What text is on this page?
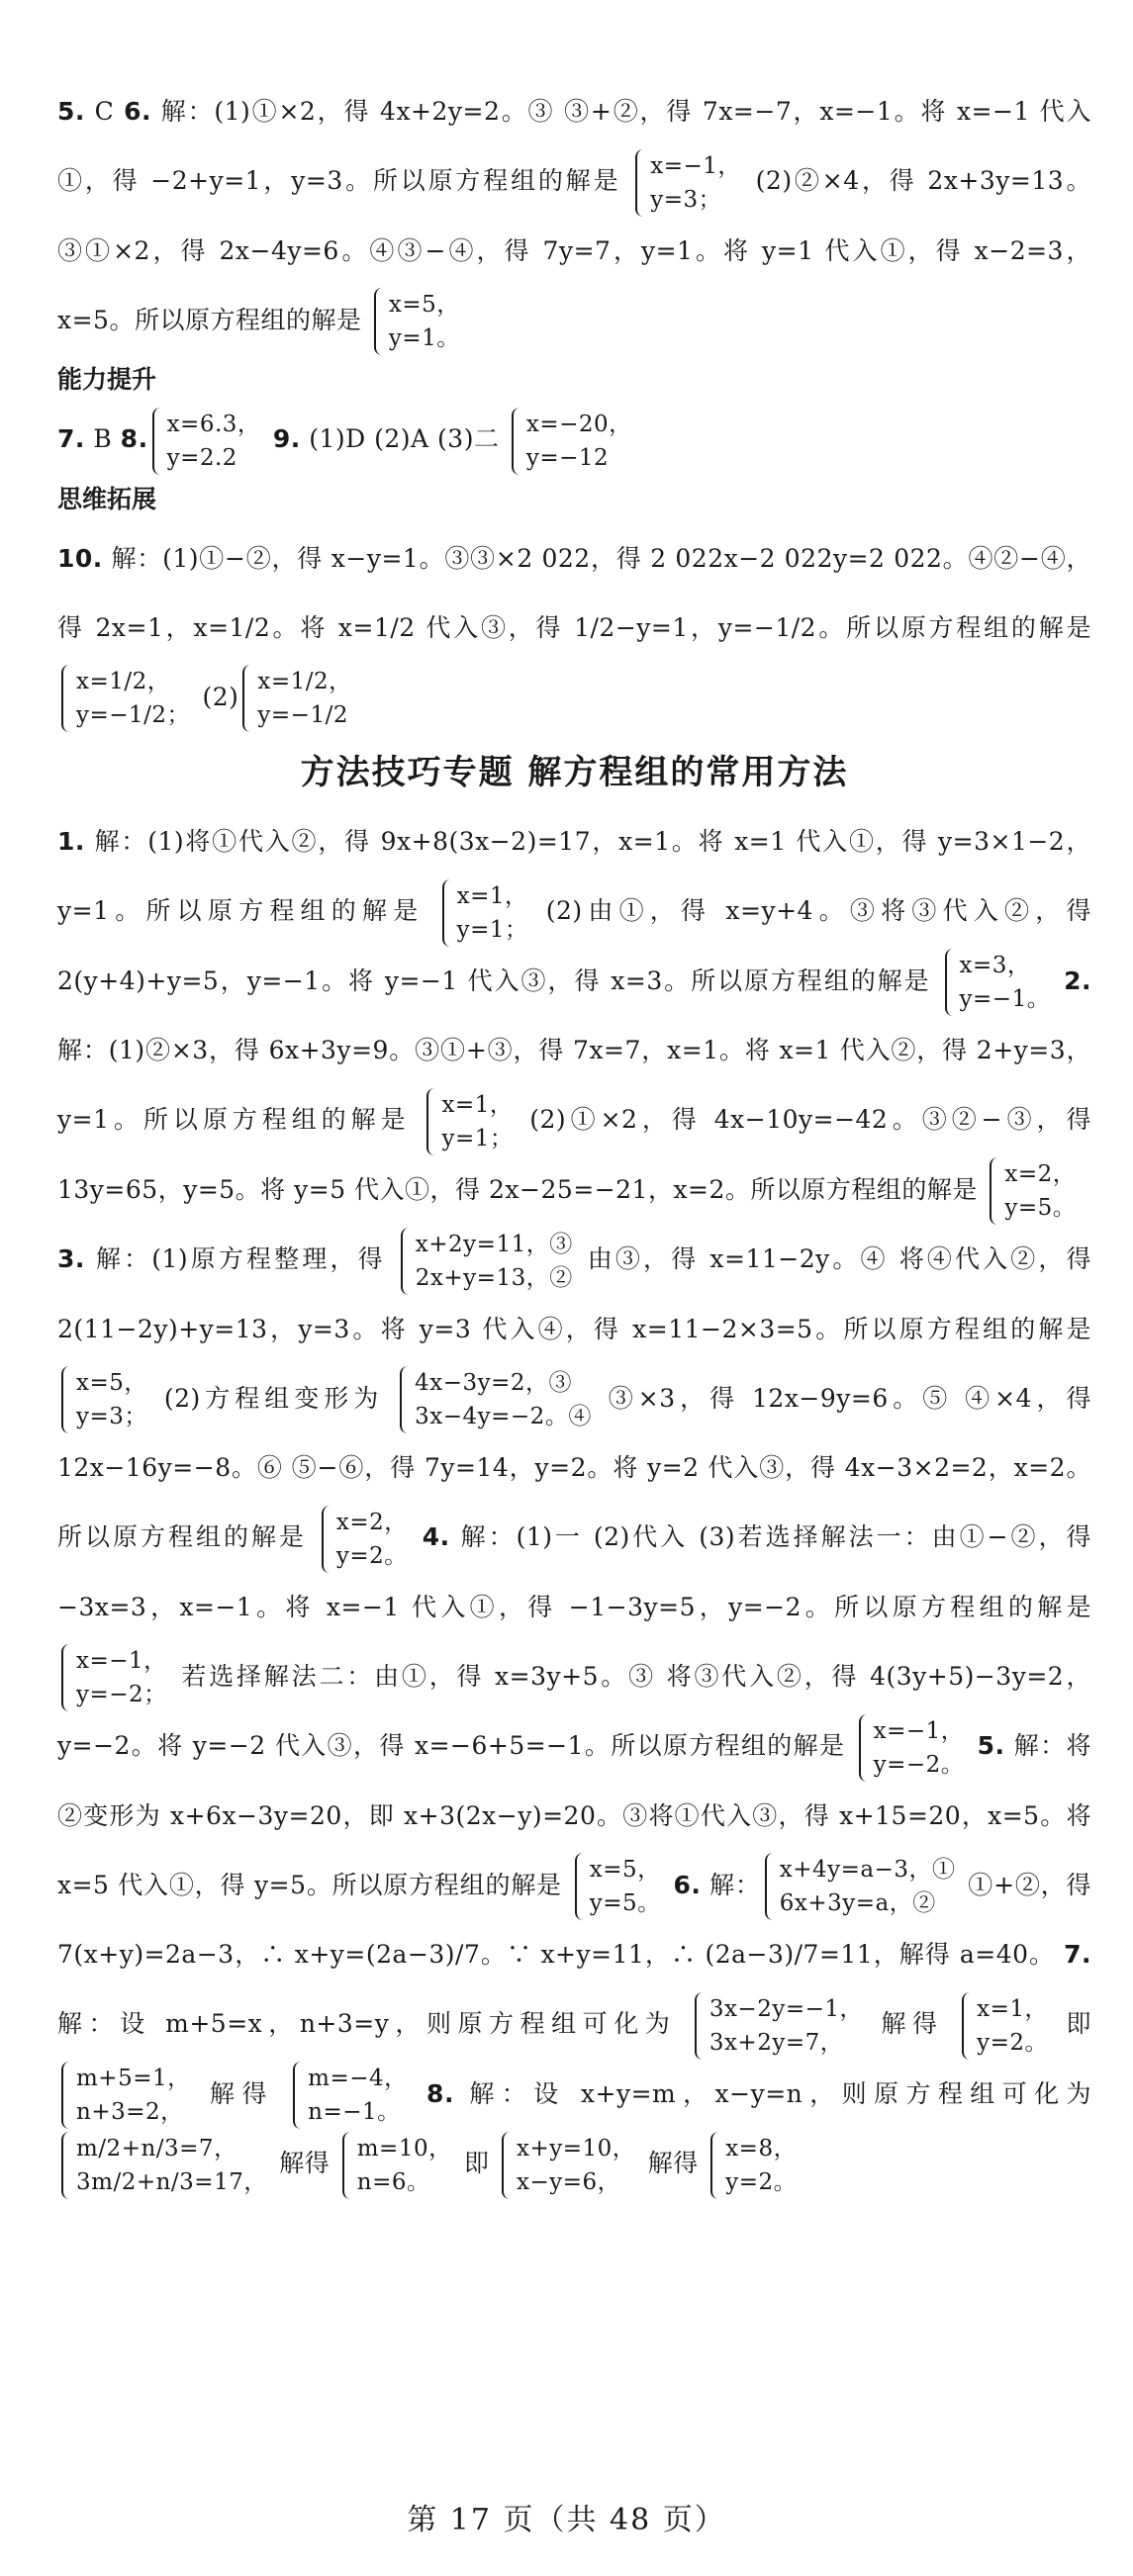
5. C 6. 解：(1)①×2，得 4x+2y=2。③ ③+②，得 7x=−7，x=−1。将 x=−1 代入①，得 −2+y=1，y=3。所以原方程组的解是
x=−1，
y=3；
(2)②×4，得 2x+3y=13。③①×2，得 2x−4y=6。④③−④，得 7y=7，y=1。将 y=1 代入①，得 x−2=3，x=5。所以原方程组的解是
x=5，
y=1。

能力提升

7. B 8.
x=6.3，
y=2.2
9. (1)D (2)A (3)二
x=−20，
y=−12

思维拓展

10. 解：(1)①−②，得 x−y=1。③③×2 022，得 2 022x−2 022y=2 022。④②−④，得 2x=1，x=1/2。将 x=1/2 代入③，得 1/2−y=1，y=−1/2。所以原方程组的解是
x=1/2，
y=−1/2；
(2)
x=1/2，
y=−1/2

方法技巧专题 解方程组的常用方法

1. 解：(1)将①代入②，得 9x+8(3x−2)=17，x=1。将 x=1 代入①，得 y=3×1−2，y=1。所以原方程组的解是
x=1，
y=1；
(2)由①，得 x=y+4。③将③代入②，得 2(y+4)+y=5，y=−1。将 y=−1 代入③，得 x=3。所以原方程组的解是
x=3，
y=−1。
2. 解：(1)②×3，得 6x+3y=9。③①+③，得 7x=7，x=1。将 x=1 代入②，得 2+y=3，y=1。所以原方程组的解是
x=1，
y=1；
(2)①×2，得 4x−10y=−42。③②−③，得 13y=65，y=5。将 y=5 代入①，得 2x−25=−21，x=2。所以原方程组的解是
x=2，
y=5。

3. 解：(1)原方程整理，得
x+2y=11，③
2x+y=13，②
由③，得 x=11−2y。④ 将④代入②，得 2(11−2y)+y=13，y=3。将 y=3 代入④，得 x=11−2×3=5。所以原方程组的解是
x=5，
y=3；
(2)方程组变形为
4x−3y=2，③
3x−4y=−2。④
③×3，得 12x−9y=6。⑤ ④×4，得 12x−16y=−8。⑥ ⑤−⑥，得 7y=14，y=2。将 y=2 代入③，得 4x−3×2=2，x=2。所以原方程组的解是
x=2，
y=2。
4. 解：(1)一 (2)代入 (3)若选择解法一：由①−②，得 −3x=3，x=−1。将 x=−1 代入①，得 −1−3y=5，y=−2。所以原方程组的解是
x=−1，
y=−2；
若选择解法二：由①，得 x=3y+5。③ 将③代入②，得 4(3y+5)−3y=2，y=−2。将 y=−2 代入③，得 x=−6+5=−1。所以原方程组的解是
x=−1，
y=−2。
5. 解：将②变形为 x+6x−3y=20，即 x+3(2x−y)=20。③将①代入③，得 x+15=20，x=5。将 x=5 代入①，得 y=5。所以原方程组的解是
x=5，
y=5。
6. 解：
x+4y=a−3，①
6x+3y=a，②
①+②，得 7(x+y)=2a−3，∴ x+y=(2a−3)/7。∵ x+y=11，∴ (2a−3)/7=11，解得 a=40。 7. 解：设 m+5=x，n+3=y，则原方程组可化为
3x−2y=−1，
3x+2y=7，
解得
x=1，
y=2。
即
m+5=1，
n+3=2，
解得
m=−4，
n=−1。
8. 解：设 x+y=m，x−y=n，则原方程组可化为
m/2+n/3=7，
3m/2+n/3=17，
解得
m=10，
n=6。
即
x+y=10，
x−y=6，
解得
x=8，
y=2。

第 17 页（共 48 页）
